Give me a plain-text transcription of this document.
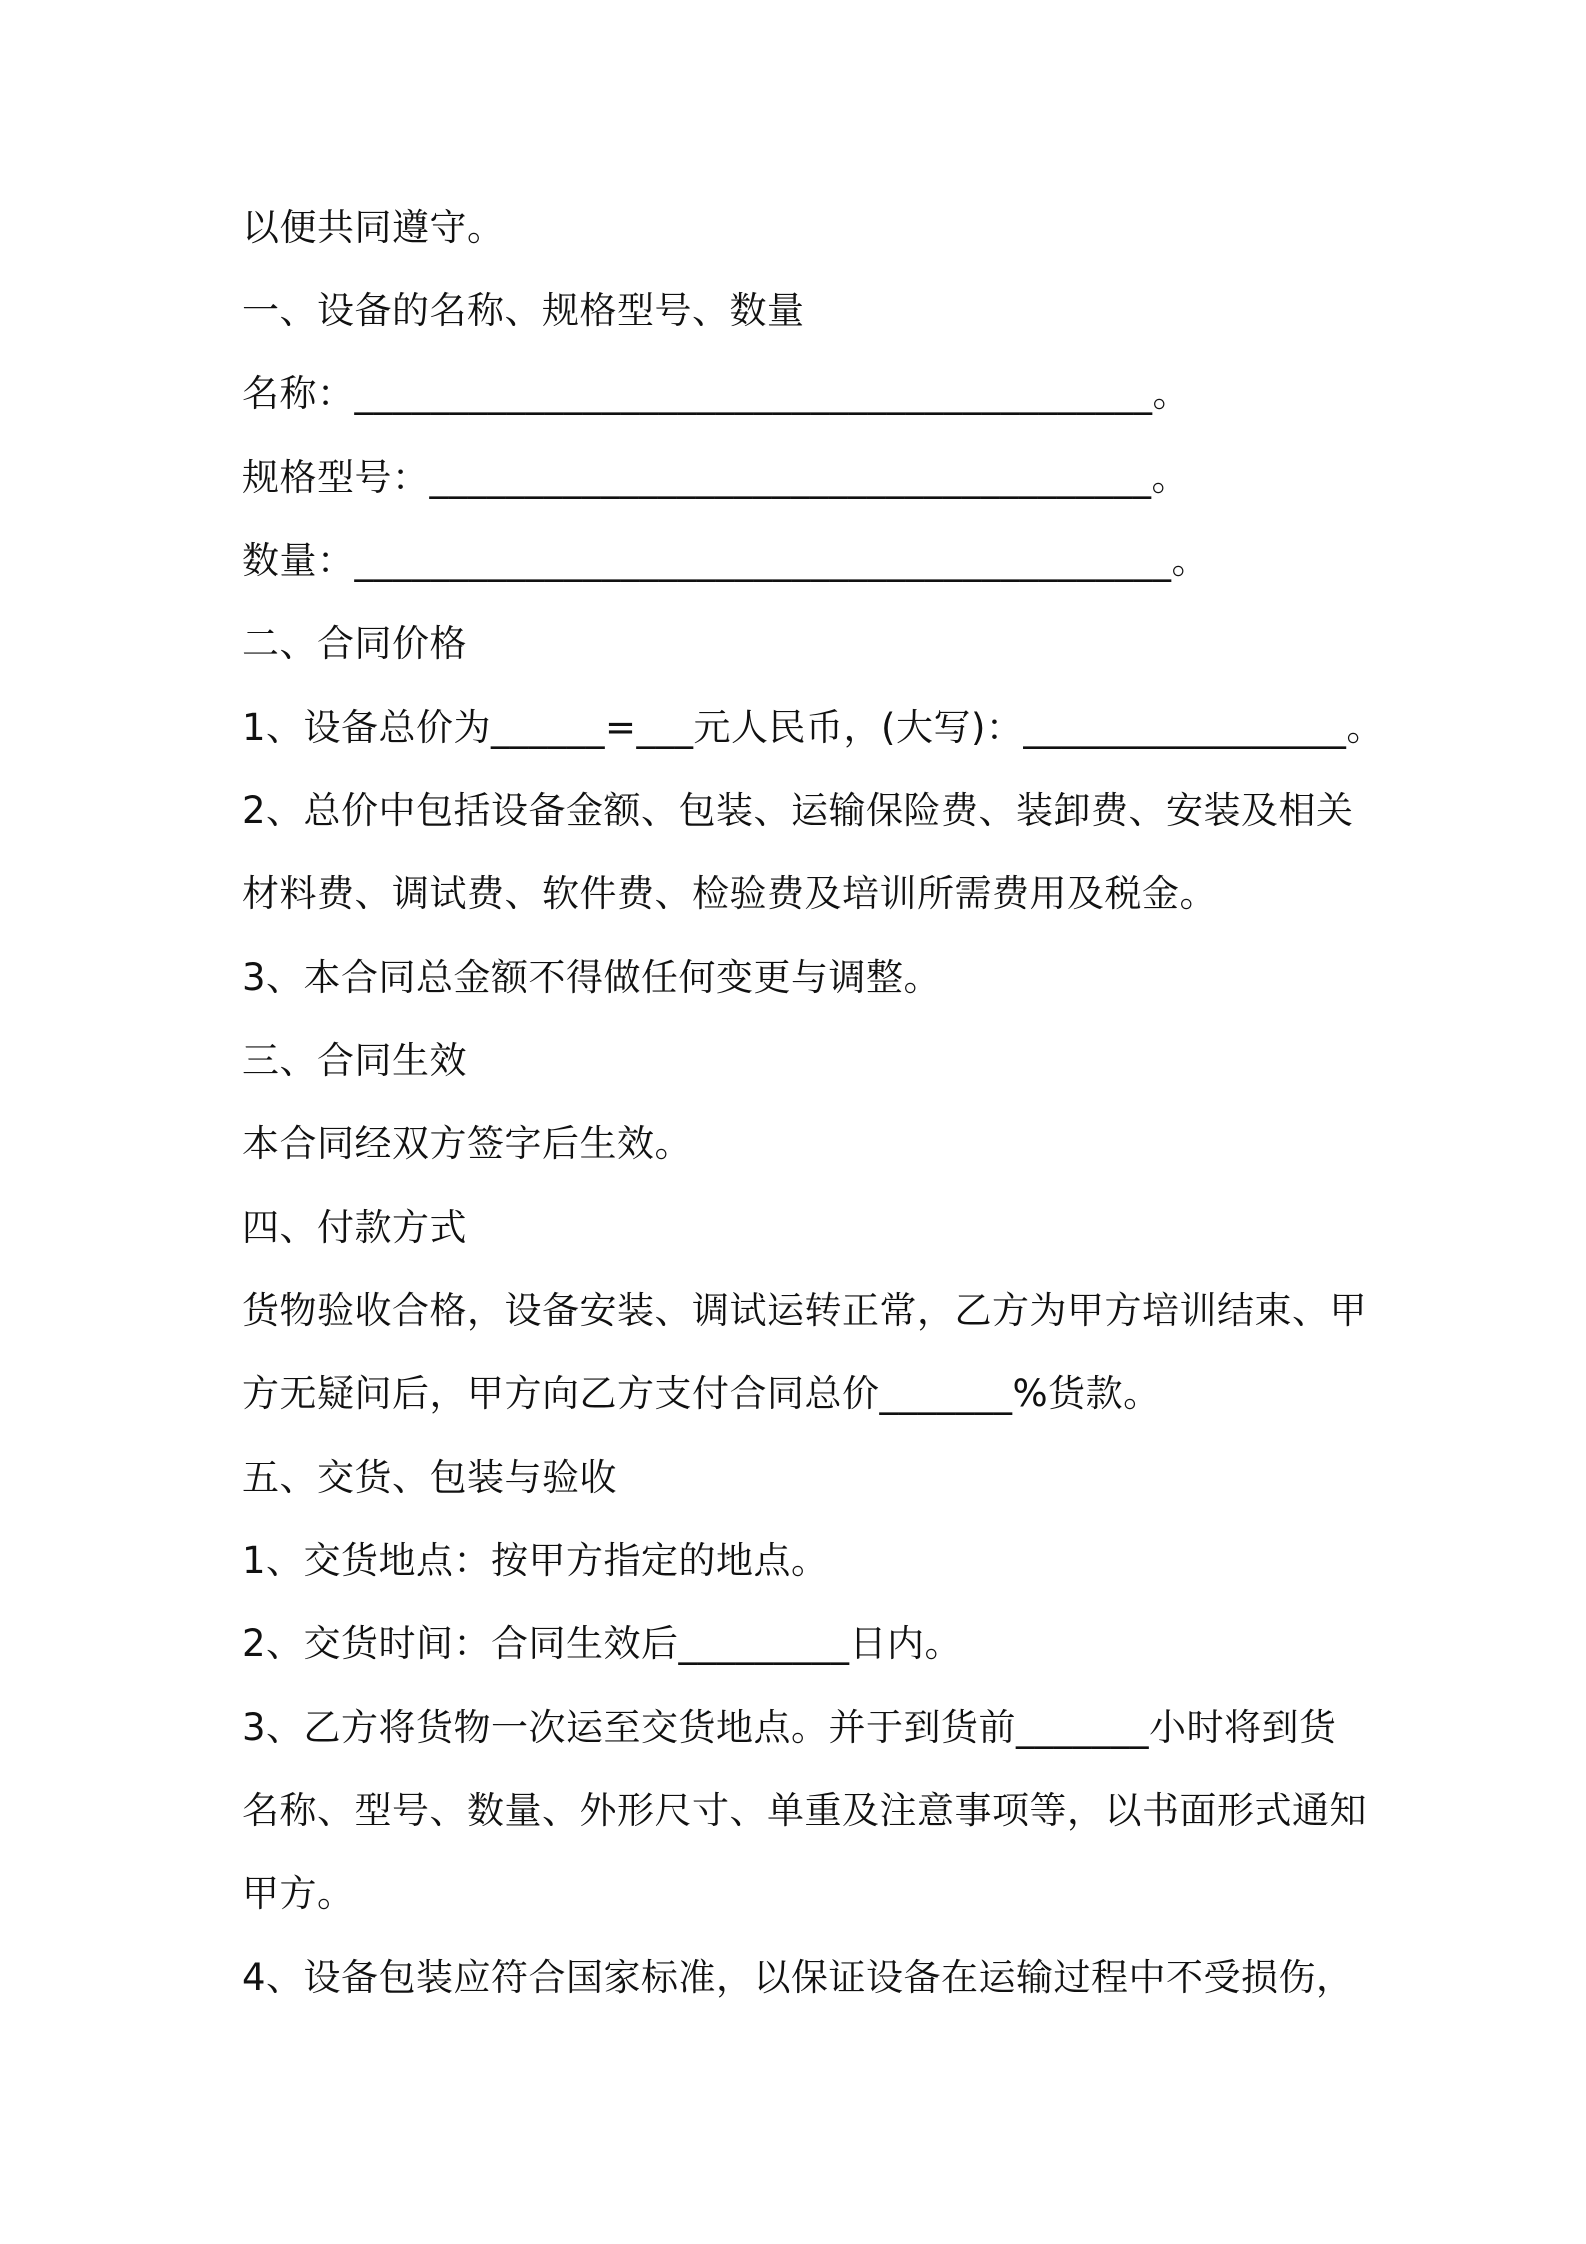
以便共同遵守。
一、设备的名称、规格型号、数量
名称：__________________________________________。
规格型号：______________________________________。
数量：___________________________________________。
二、合同价格
1、设备总价为______=___元人民币，(大写)：_________________。
2、总价中包括设备金额、包装、运输保险费、装卸费、安装及相关
材料费、调试费、软件费、检验费及培训所需费用及税金。
3、本合同总金额不得做任何变更与调整。
三、合同生效
本合同经双方签字后生效。
四、付款方式
货物验收合格，设备安装、调试运转正常，乙方为甲方培训结束、甲
方无疑问后，甲方向乙方支付合同总价_______%货款。
五、交货、包装与验收
1、交货地点：按甲方指定的地点。
2、交货时间：合同生效后_________日内。
3、乙方将货物一次运至交货地点。并于到货前_______小时将到货
名称、型号、数量、外形尺寸、单重及注意事项等，以书面形式通知
甲方。
4、设备包装应符合国家标准，以保证设备在运输过程中不受损伤，
